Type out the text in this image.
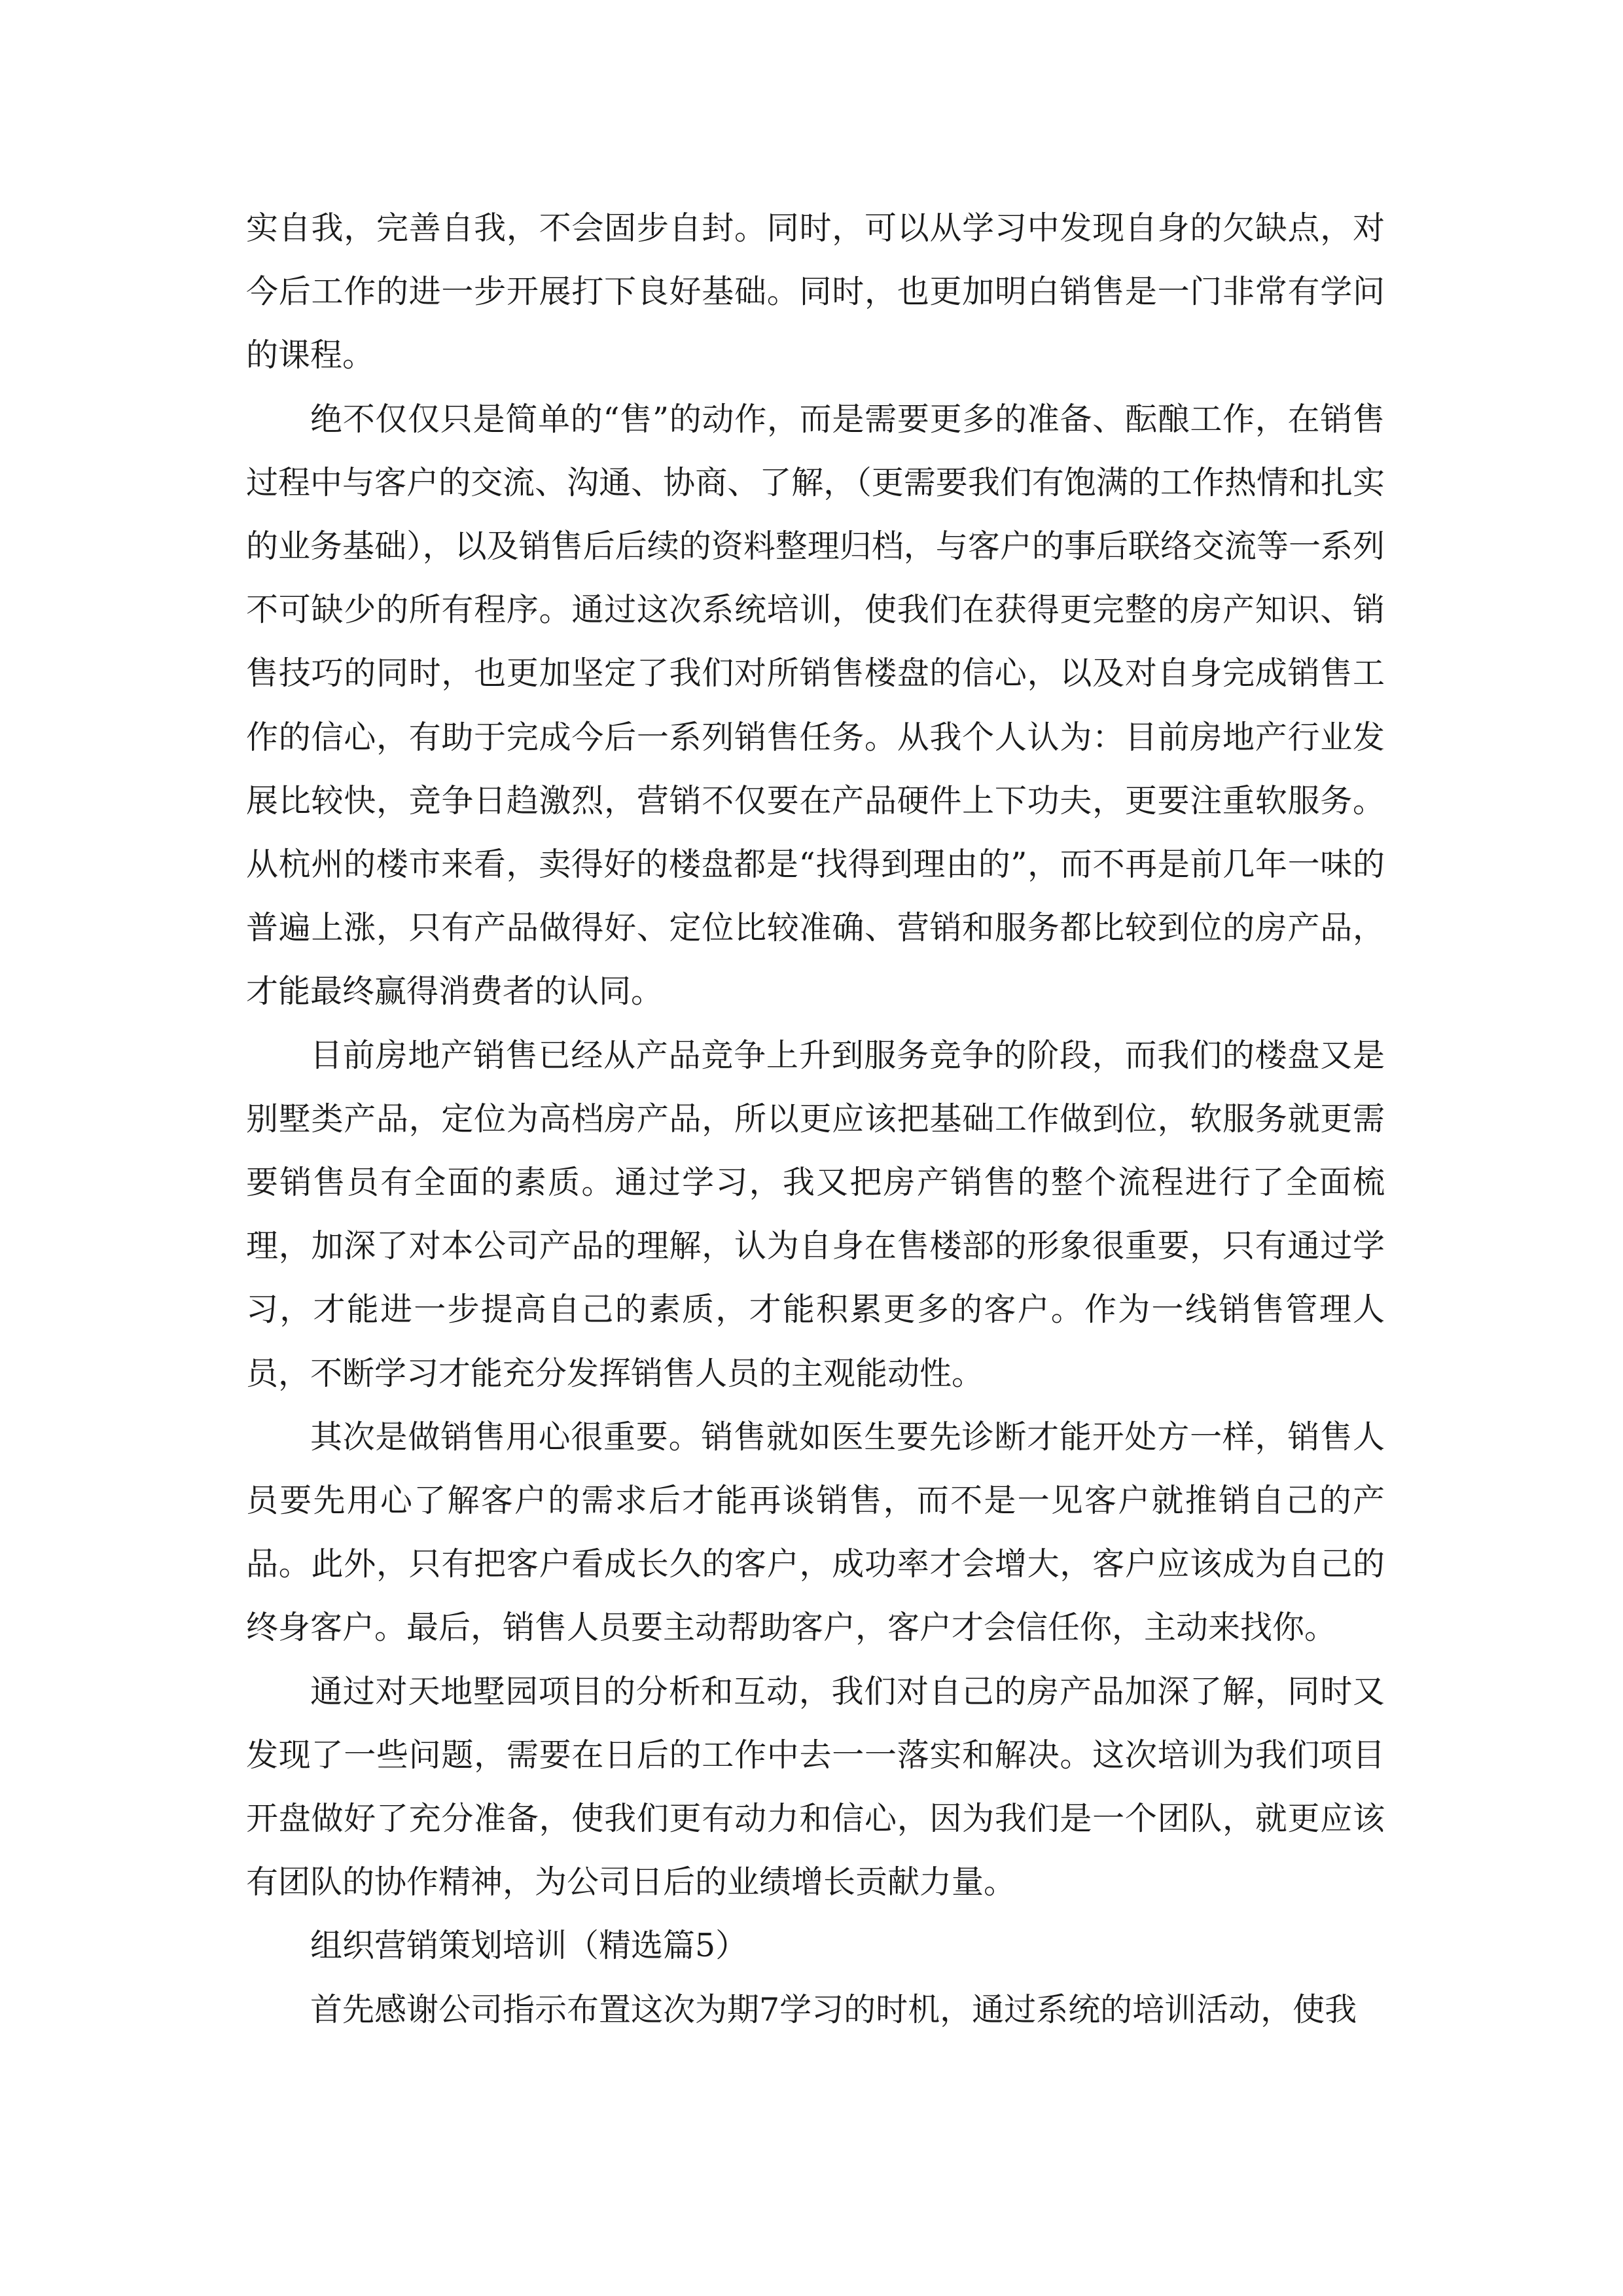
实自我，完善自我，不会固步自封。同时，可以从学习中发现自身的欠缺点，对今后工作的进一步开展打下良好基础。同时，也更加明白销售是一门非常有学问的课程。

绝不仅仅只是简单的“售”的动作，而是需要更多的准备、酝酿工作，在销售过程中与客户的交流、沟通、协商、了解，（更需要我们有饱满的工作热情和扎实的业务基础），以及销售后后续的资料整理归档，与客户的事后联络交流等一系列不可缺少的所有程序。通过这次系统培训，使我们在获得更完整的房产知识、销售技巧的同时，也更加坚定了我们对所销售楼盘的信心，以及对自身完成销售工作的信心，有助于完成今后一系列销售任务。从我个人认为：目前房地产行业发展比较快，竞争日趋激烈，营销不仅要在产品硬件上下功夫，更要注重软服务。从杭州的楼市来看，卖得好的楼盘都是“找得到理由的”，而不再是前几年一味的普遍上涨，只有产品做得好、定位比较准确、营销和服务都比较到位的房产品，才能最终赢得消费者的认同。

目前房地产销售已经从产品竞争上升到服务竞争的阶段，而我们的楼盘又是别墅类产品，定位为高档房产品，所以更应该把基础工作做到位，软服务就更需要销售员有全面的素质。通过学习，我又把房产销售的整个流程进行了全面梳理，加深了对本公司产品的理解，认为自身在售楼部的形象很重要，只有通过学习，才能进一步提高自己的素质，才能积累更多的客户。作为一线销售管理人员，不断学习才能充分发挥销售人员的主观能动性。

其次是做销售用心很重要。销售就如医生要先诊断才能开处方一样，销售人员要先用心了解客户的需求后才能再谈销售，而不是一见客户就推销自己的产品。此外，只有把客户看成长久的客户，成功率才会增大，客户应该成为自己的终身客户。最后，销售人员要主动帮助客户，客户才会信任你，主动来找你。

通过对天地墅园项目的分析和互动，我们对自己的房产品加深了解，同时又发现了一些问题，需要在日后的工作中去一一落实和解决。这次培训为我们项目开盘做好了充分准备，使我们更有动力和信心，因为我们是一个团队，就更应该有团队的协作精神，为公司日后的业绩增长贡献力量。

组织营销策划培训（精选篇5）

首先感谢公司指示布置这次为期7学习的时机，通过系统的培训活动，使我
